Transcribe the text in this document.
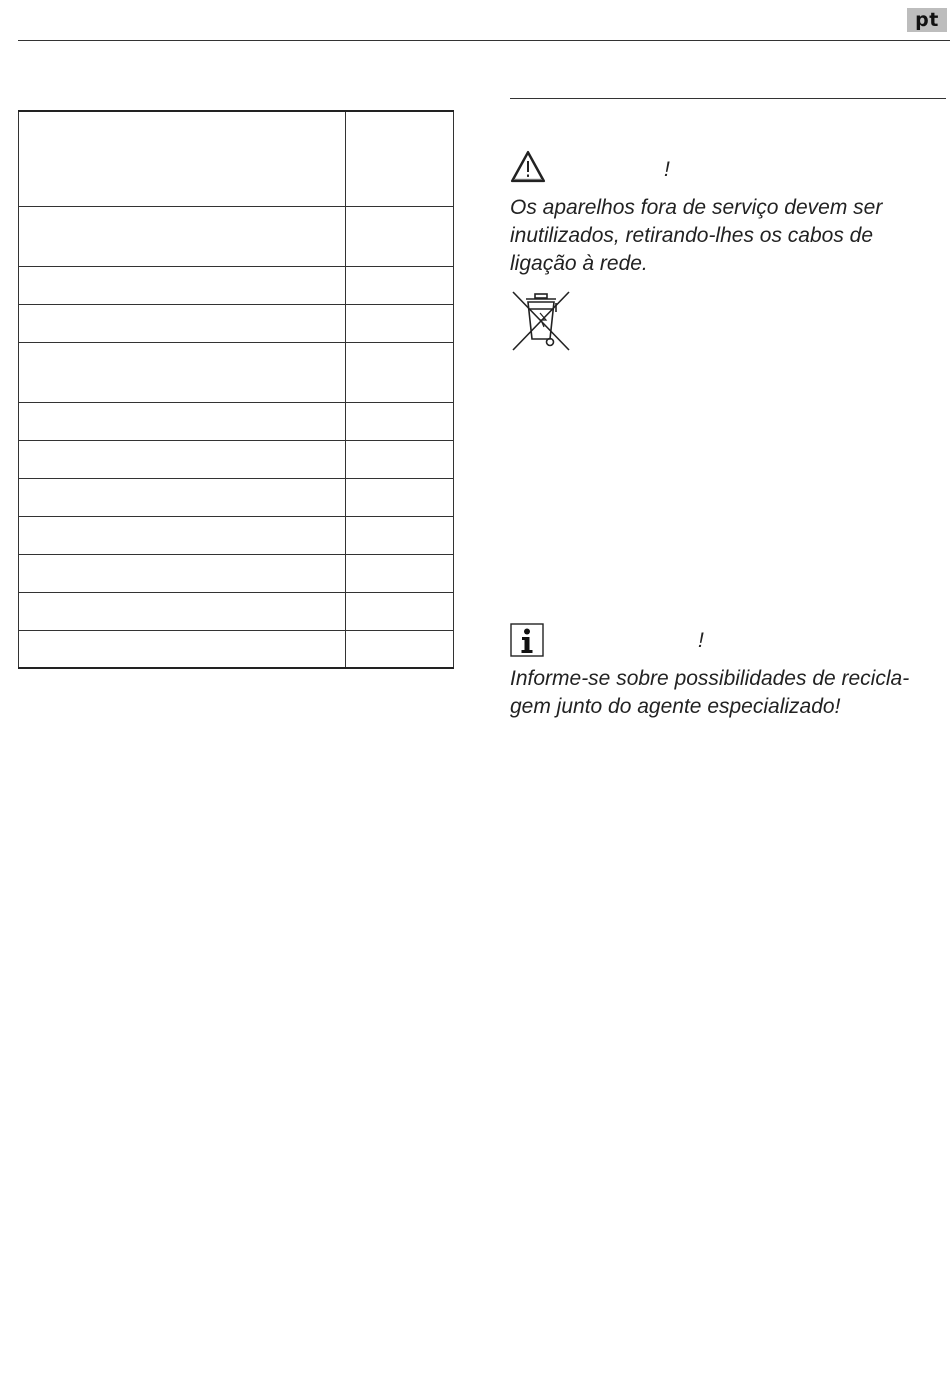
pt
!
Os aparelhos fora de serviço devem ser
inutilizados, retirando-lhes os cabos de
ligação à rede.
!
Informe-se sobre possibilidades de recicla-
gem junto do agente especializado!
